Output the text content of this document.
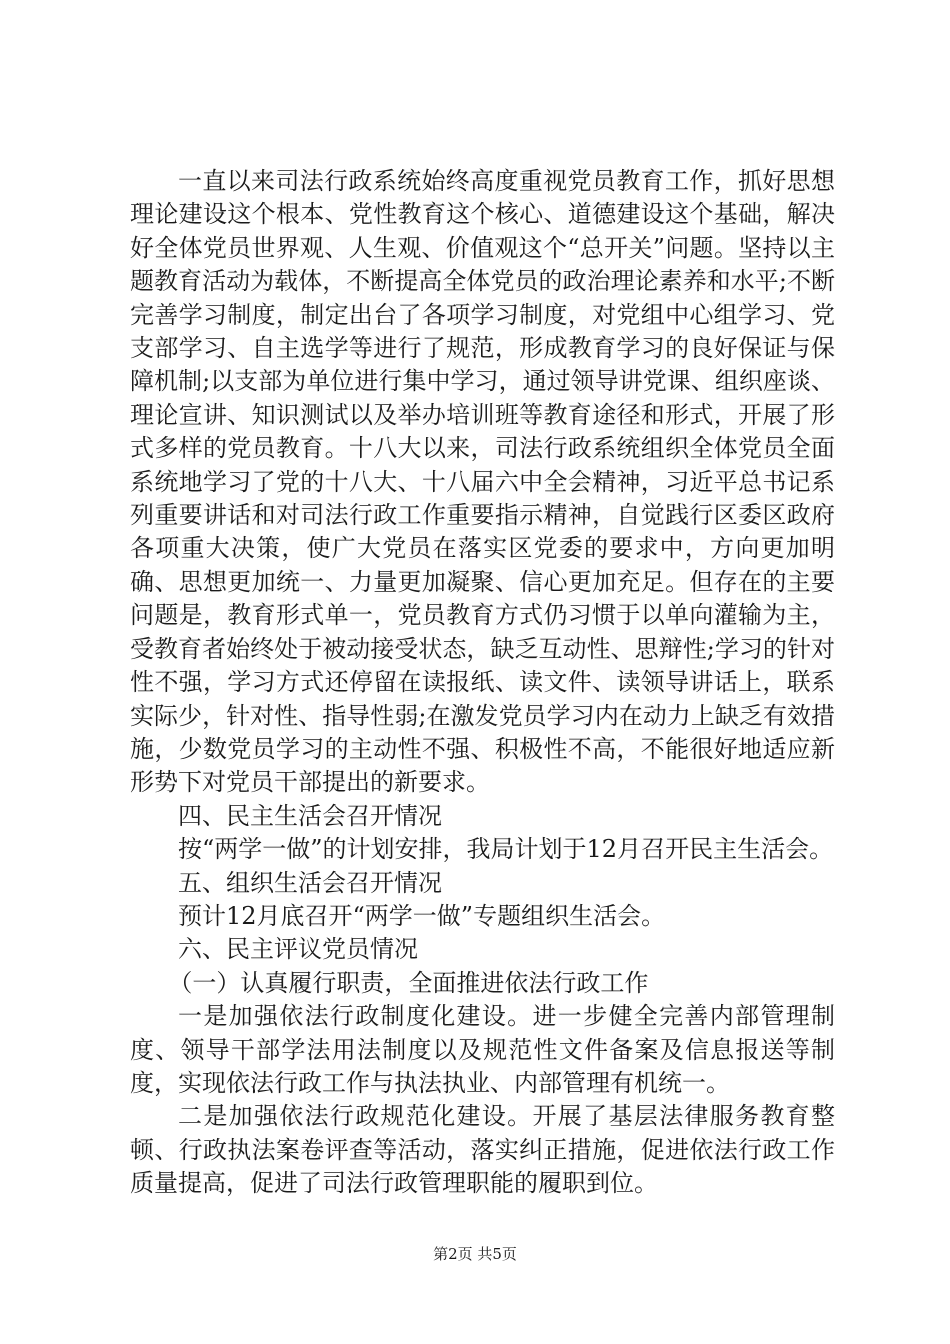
一直以来司法行政系统始终高度重视党员教育工作，抓好思想理论建设这个根本、党性教育这个核心、道德建设这个基础，解决好全体党员世界观、人生观、价值观这个“总开关”问题。坚持以主题教育活动为载体，不断提高全体党员的政治理论素养和水平;不断完善学习制度，制定出台了各项学习制度，对党组中心组学习、党支部学习、自主选学等进行了规范，形成教育学习的良好保证与保障机制;以支部为单位进行集中学习，通过领导讲党课、组织座谈、理论宣讲、知识测试以及举办培训班等教育途径和形式，开展了形式多样的党员教育。十八大以来，司法行政系统组织全体党员全面系统地学习了党的十八大、十八届六中全会精神，习近平总书记系列重要讲话和对司法行政工作重要指示精神，自觉践行区委区政府各项重大决策，使广大党员在落实区党委的要求中，方向更加明确、思想更加统一、力量更加凝聚、信心更加充足。但存在的主要问题是，教育形式单一，党员教育方式仍习惯于以单向灌输为主，受教育者始终处于被动接受状态，缺乏互动性、思辩性;学习的针对性不强，学习方式还停留在读报纸、读文件、读领导讲话上，联系实际少，针对性、指导性弱;在激发党员学习内在动力上缺乏有效措施，少数党员学习的主动性不强、积极性不高，不能很好地适应新形势下对党员干部提出的新要求。

四、民主生活会召开情况

按“两学一做”的计划安排，我局计划于12月召开民主生活会。

五、组织生活会召开情况

预计12月底召开“两学一做”专题组织生活会。

六、民主评议党员情况

（一）认真履行职责，全面推进依法行政工作

一是加强依法行政制度化建设。进一步健全完善内部管理制度、领导干部学法用法制度以及规范性文件备案及信息报送等制度，实现依法行政工作与执法执业、内部管理有机统一。

二是加强依法行政规范化建设。开展了基层法律服务教育整顿、行政执法案卷评查等活动，落实纠正措施，促进依法行政工作质量提高，促进了司法行政管理职能的履职到位。

第2页 共5页
